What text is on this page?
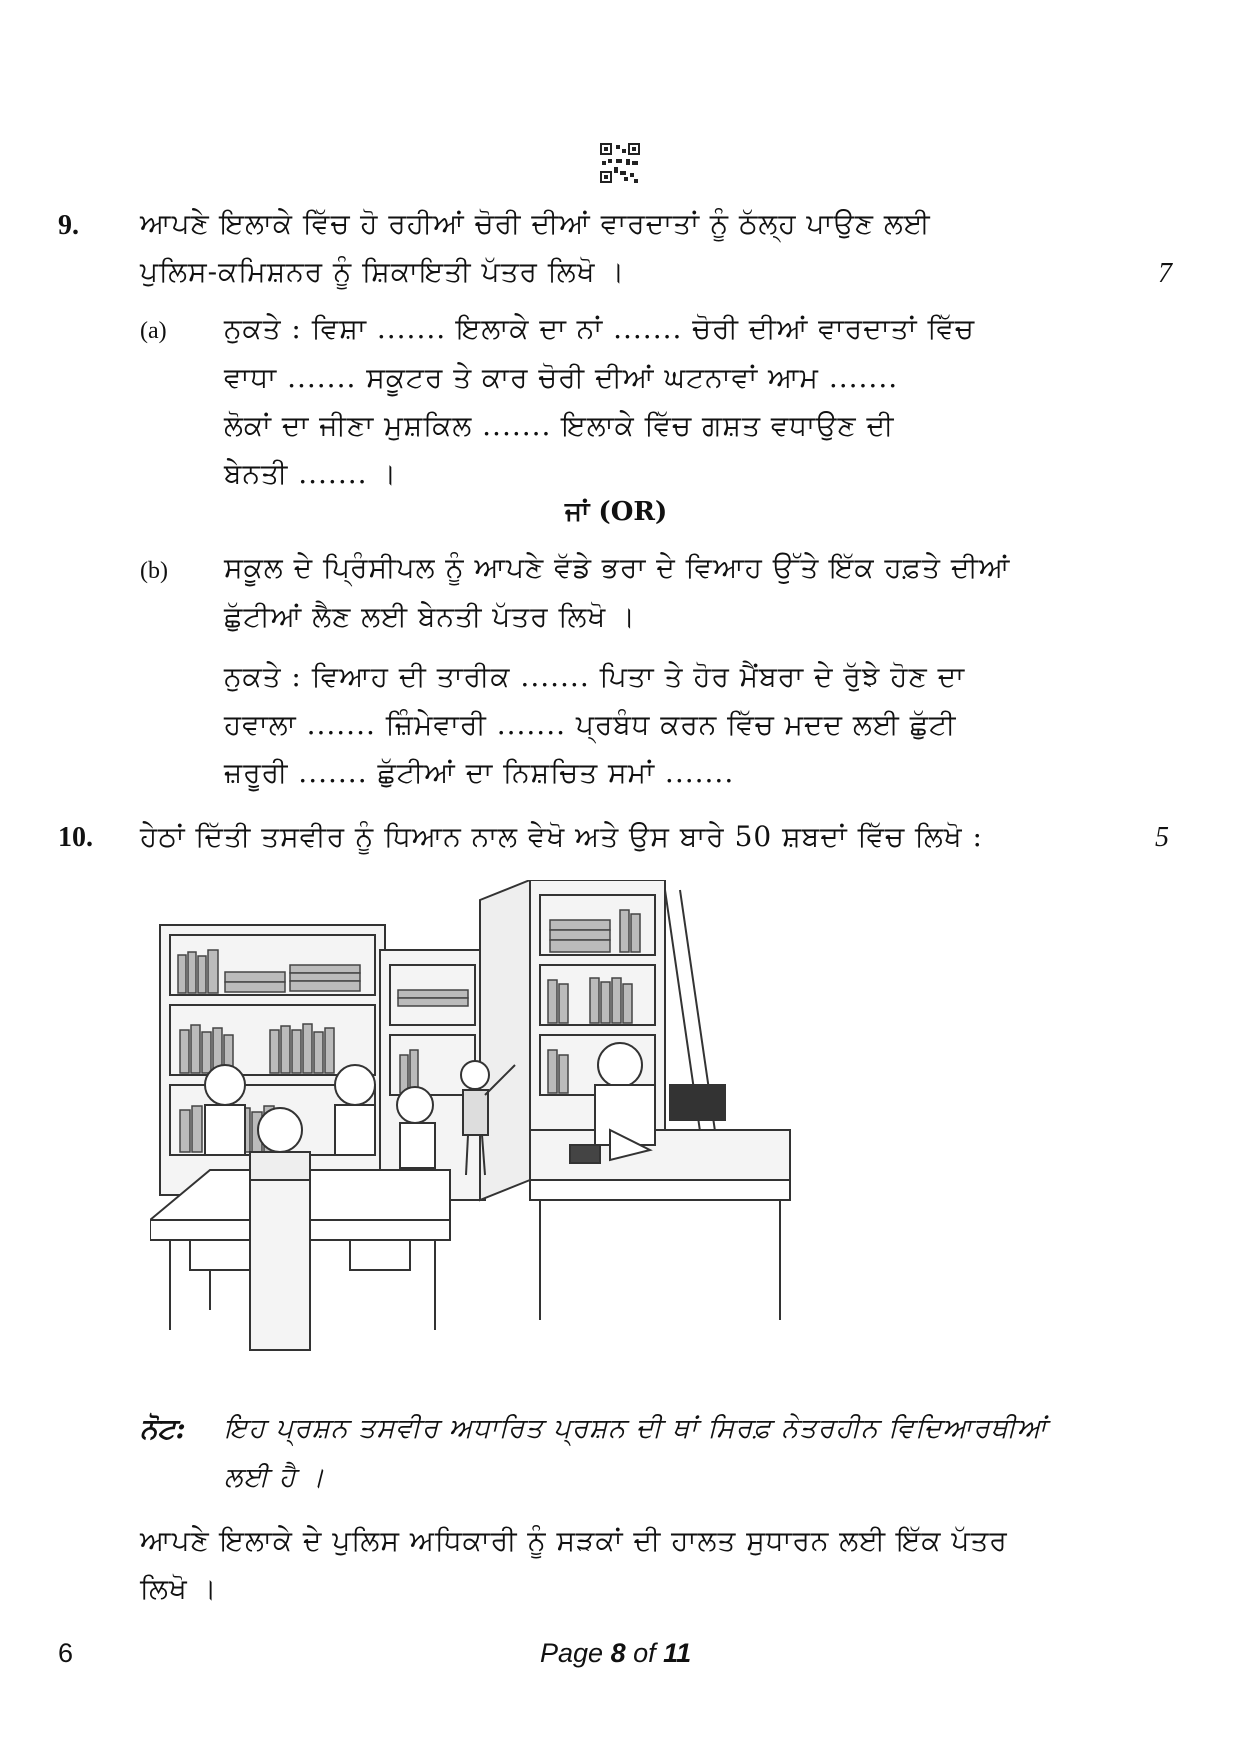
9. ਆਪਣੇ ਇਲਾਕੇ ਵਿੱਚ ਹੋ ਰਹੀਆਂ ਚੋਰੀ ਦੀਆਂ ਵਾਰਦਾਤਾਂ ਨੂੰ ਠੱਲ੍ਹ ਪਾਉਣ ਲਈ
ਪੁਲਿਸ-ਕਮਿਸ਼ਨਰ ਨੂੰ ਸ਼ਿਕਾਇਤੀ ਪੱਤਰ ਲਿਖੋ ।	7
(a) ਨੁਕਤੇ : ਵਿਸ਼ਾ ....... ਇਲਾਕੇ ਦਾ ਨਾਂ ....... ਚੋਰੀ ਦੀਆਂ ਵਾਰਦਾਤਾਂ ਵਿੱਚ
ਵਾਧਾ ....... ਸਕੂਟਰ ਤੇ ਕਾਰ ਚੋਰੀ ਦੀਆਂ ਘਟਨਾਵਾਂ ਆਮ .......
ਲੋਕਾਂ ਦਾ ਜੀਣਾ ਮੁਸ਼ਕਿਲ ....... ਇਲਾਕੇ ਵਿੱਚ ਗਸ਼ਤ ਵਧਾਉਣ ਦੀ
ਬੇਨਤੀ ....... ।
ਜਾਂ (OR)
(b) ਸਕੂਲ ਦੇ ਪ੍ਰਿੰਸੀਪਲ ਨੂੰ ਆਪਣੇ ਵੱਡੇ ਭਰਾ ਦੇ ਵਿਆਹ ਉੱਤੇ ਇੱਕ ਹਫ਼ਤੇ ਦੀਆਂ
ਛੁੱਟੀਆਂ ਲੈਣ ਲਈ ਬੇਨਤੀ ਪੱਤਰ ਲਿਖੋ ।
ਨੁਕਤੇ : ਵਿਆਹ ਦੀ ਤਾਰੀਕ ....... ਪਿਤਾ ਤੇ ਹੋਰ ਮੈਂਬਰਾ ਦੇ ਰੁੱਝੇ ਹੋਣ ਦਾ
ਹਵਾਲਾ ....... ਜ਼ਿੰਮੇਵਾਰੀ ....... ਪ੍ਰਬੰਧ ਕਰਨ ਵਿੱਚ ਮਦਦ ਲਈ ਛੁੱਟੀ
ਜ਼ਰੂਰੀ ....... ਛੁੱਟੀਆਂ ਦਾ ਨਿਸ਼ਚਿਤ ਸਮਾਂ .......
10. ਹੇਠਾਂ ਦਿੱਤੀ ਤਸਵੀਰ ਨੂੰ ਧਿਆਨ ਨਾਲ ਵੇਖੋ ਅਤੇ ਉਸ ਬਾਰੇ 50 ਸ਼ਬਦਾਂ ਵਿੱਚ ਲਿਖੋ :	5
ਨੋਟ: ਇਹ ਪ੍ਰਸ਼ਨ ਤਸਵੀਰ ਅਧਾਰਿਤ ਪ੍ਰਸ਼ਨ ਦੀ ਥਾਂ ਸਿਰਫ਼ ਨੇਤਰਹੀਨ ਵਿਦਿਆਰਥੀਆਂ
ਲਈ ਹੈ ।
ਆਪਣੇ ਇਲਾਕੇ ਦੇ ਪੁਲਿਸ ਅਧਿਕਾਰੀ ਨੂੰ ਸੜਕਾਂ ਦੀ ਹਾਲਤ ਸੁਧਾਰਨ ਲਈ ਇੱਕ ਪੱਤਰ
ਲਿਖੋ ।
6	Page 8 of 11
